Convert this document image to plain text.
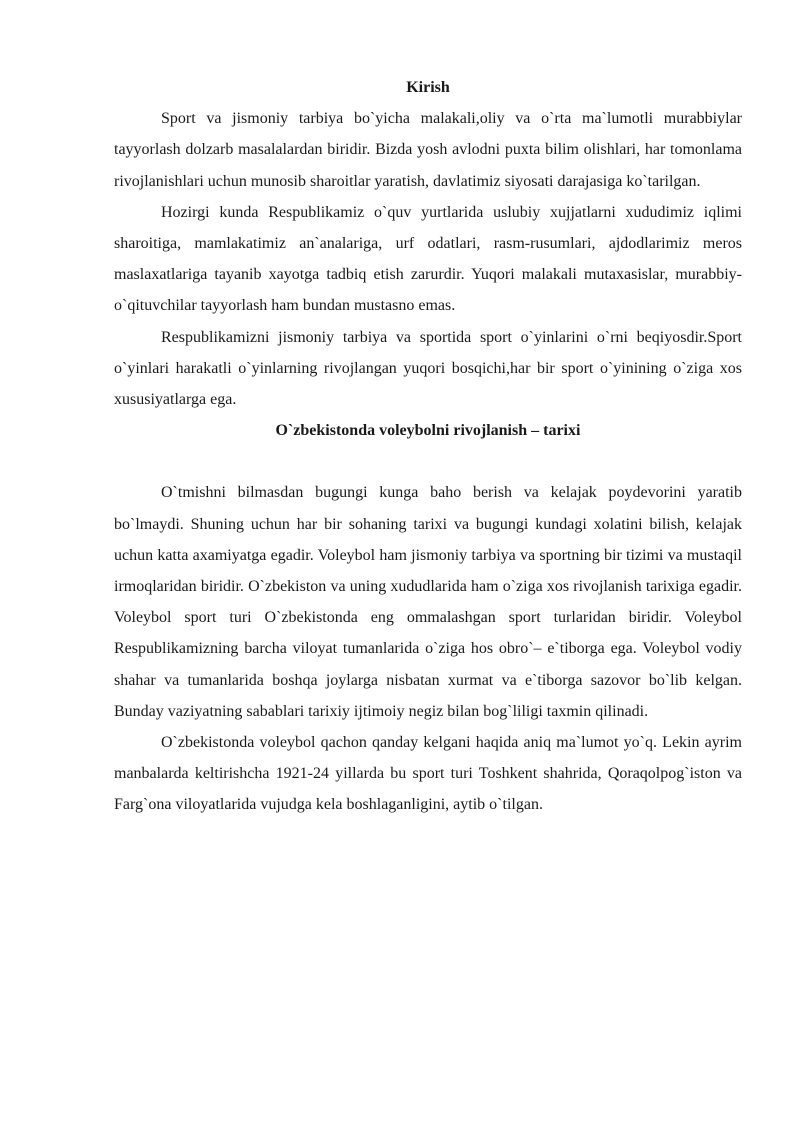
Kirish

Sport va jismoniy tarbiya bo`yicha malakali,oliy va o`rta ma`lumotli murabbiylar tayyorlash dolzarb masalalardan biridir. Bizda yosh avlodni puxta bilim olishlari, har tomonlama rivojlanishlari uchun munosib sharoitlar yaratish, davlatimiz siyosati darajasiga ko`tarilgan.

Hozirgi kunda Respublikamiz o`quv yurtlarida uslubiy xujjatlarni xududimiz iqlimi sharoitiga, mamlakatimiz an`analariga, urf odatlari, rasm-rusumlari, ajdodlarimiz meros maslaxatlariga tayanib xayotga tadbiq etish zarurdir. Yuqori malakali mutaxasislar, murabbiy-o`qituvchilar tayyorlash ham bundan mustasno emas.

Respublikamizni jismoniy tarbiya va sportida sport o`yinlarini o`rni beqiyosdir.Sport o`yinlari harakatli o`yinlarning rivojlangan yuqori bosqichi,har bir sport o`yinining o`ziga xos xususiyatlarga ega.

O`zbekistonda voleybolni rivojlanish – tarixi

O`tmishni bilmasdan bugungi kunga baho berish va kelajak poydevorini yaratib bo`lmaydi. Shuning uchun har bir sohaning tarixi va bugungi kundagi xolatini bilish, kelajak uchun katta axamiyatga egadir. Voleybol ham jismoniy tarbiya va sportning bir tizimi va mustaqil irmoqlaridan biridir. O`zbekiston va uning xududlarida ham o`ziga xos rivojlanish tarixiga egadir. Voleybol sport turi O`zbekistonda eng ommalashgan sport turlaridan biridir. Voleybol Respublikamizning barcha viloyat tumanlarida o`ziga hos obro`– e`tiborga ega. Voleybol vodiy shahar va tumanlarida boshqa joylarga nisbatan xurmat va e`tiborga sazovor bo`lib kelgan. Bunday vaziyatning sabablari tarixiy ijtimoiy negiz bilan bog`liligi taxmin qilinadi.

O`zbekistonda voleybol qachon qanday kelgani haqida aniq ma`lumot yo`q. Lekin ayrim manbalarda keltirishcha 1921-24 yillarda bu sport turi Toshkent shahrida, Qoraqolpog`iston va Farg`ona viloyatlarida vujudga kela boshlaganligini, aytib o`tilgan.
